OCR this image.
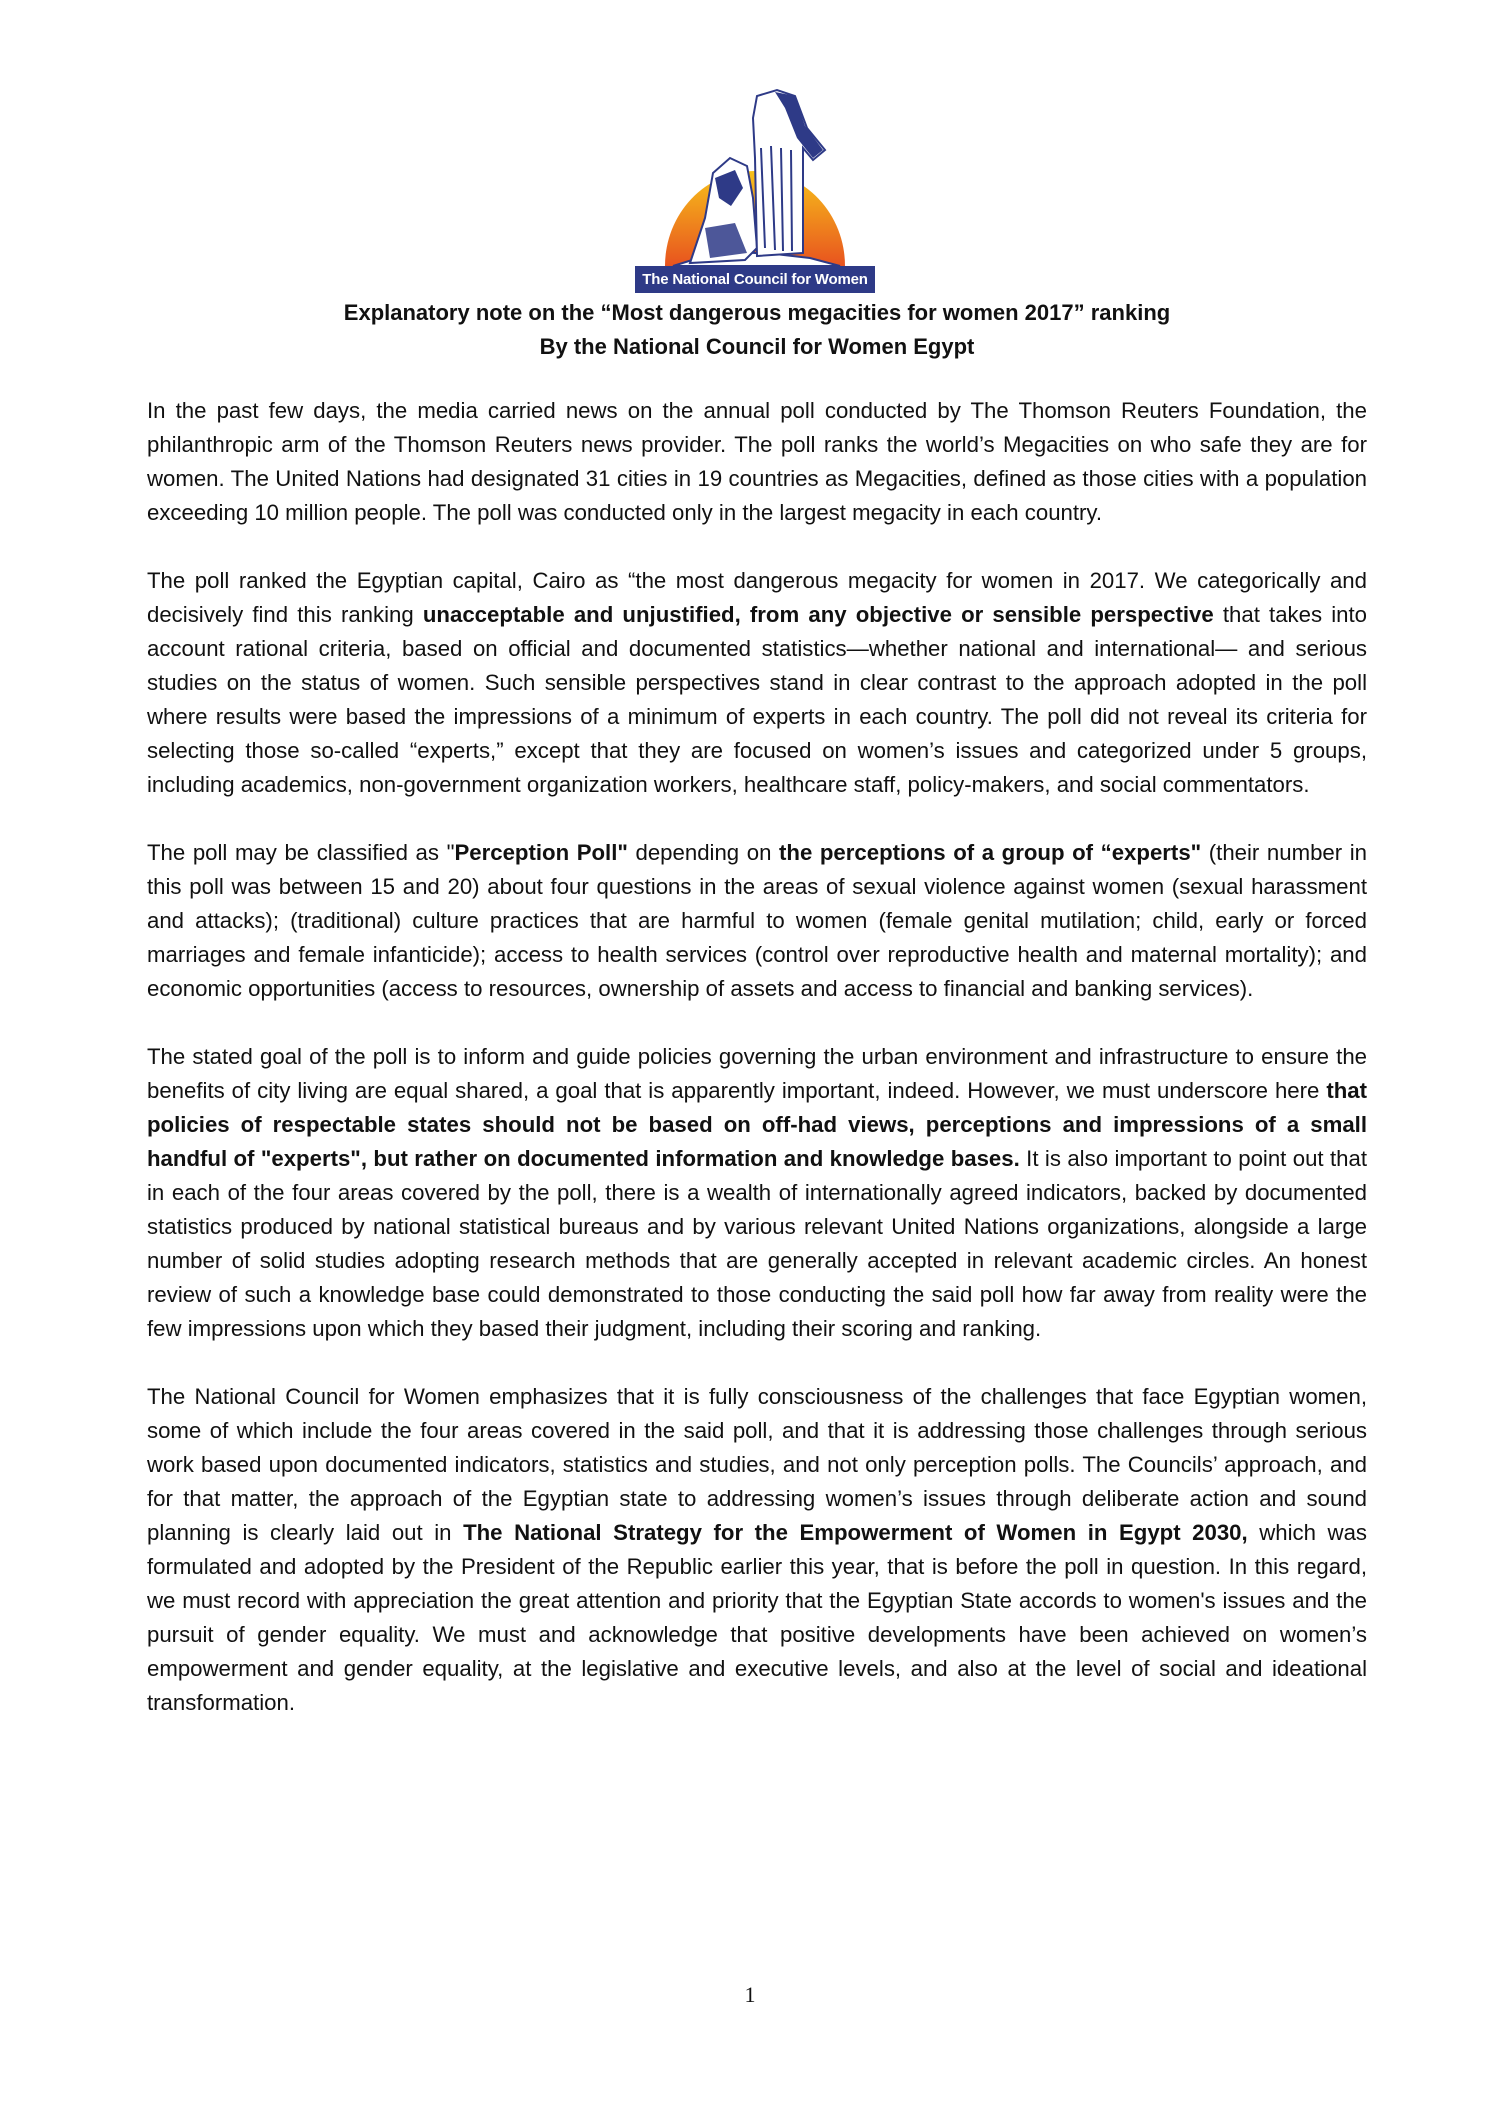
The National Council for Women
Explanatory note on the “Most dangerous megacities for women 2017” ranking
By the National Council for Women Egypt

In the past few days, the media carried news on the annual poll conducted by The Thomson Reuters Foundation, the philanthropic arm of the Thomson Reuters news provider. The poll ranks the world’s Megacities on who safe they are for women. The United Nations had designated 31 cities in 19 countries as Megacities, defined as those cities with a population exceeding 10 million people. The poll was conducted only in the largest megacity in each country.

The poll ranked the Egyptian capital, Cairo as “the most dangerous megacity for women in 2017. We categorically and decisively find this ranking unacceptable and unjustified, from any objective or sensible perspective that takes into account rational criteria, based on official and documented statistics—whether national and international— and serious studies on the status of women. Such sensible perspectives stand in clear contrast to the approach adopted in the poll where results were based the impressions of a minimum of experts in each country. The poll did not reveal its criteria for selecting those so-called “experts,” except that they are focused on women’s issues and categorized under 5 groups, including academics, non-government organization workers, healthcare staff, policy-makers, and social commentators.

The poll may be classified as "Perception Poll" depending on the perceptions of a group of “experts" (their number in this poll was between 15 and 20) about four questions in the areas of sexual violence against women (sexual harassment and attacks); (traditional) culture practices that are harmful to women (female genital mutilation; child, early or forced marriages and female infanticide); access to health services (control over reproductive health and maternal mortality); and economic opportunities (access to resources, ownership of assets and access to financial and banking services).

The stated goal of the poll is to inform and guide policies governing the urban environment and infrastructure to ensure the benefits of city living are equal shared, a goal that is apparently important, indeed. However, we must underscore here that policies of respectable states should not be based on off-had views, perceptions and impressions of a small handful of "experts", but rather on documented information and knowledge bases. It is also important to point out that in each of the four areas covered by the poll, there is a wealth of internationally agreed indicators, backed by documented statistics produced by national statistical bureaus and by various relevant United Nations organizations, alongside a large number of solid studies adopting research methods that are generally accepted in relevant academic circles. An honest review of such a knowledge base could demonstrated to those conducting the said poll how far away from reality were the few impressions upon which they based their judgment, including their scoring and ranking.

The National Council for Women emphasizes that it is fully consciousness of the challenges that face Egyptian women, some of which include the four areas covered in the said poll, and that it is addressing those challenges through serious work based upon documented indicators, statistics and studies, and not only perception polls. The Councils’ approach, and for that matter, the approach of the Egyptian state to addressing women’s issues through deliberate action and sound planning is clearly laid out in The National Strategy for the Empowerment of Women in Egypt 2030, which was formulated and adopted by the President of the Republic earlier this year, that is before the poll in question. In this regard, we must record with appreciation the great attention and priority that the Egyptian State accords to women's issues and the pursuit of gender equality. We must and acknowledge that positive developments have been achieved on women’s empowerment and gender equality, at the legislative and executive levels, and also at the level of social and ideational transformation.

1
